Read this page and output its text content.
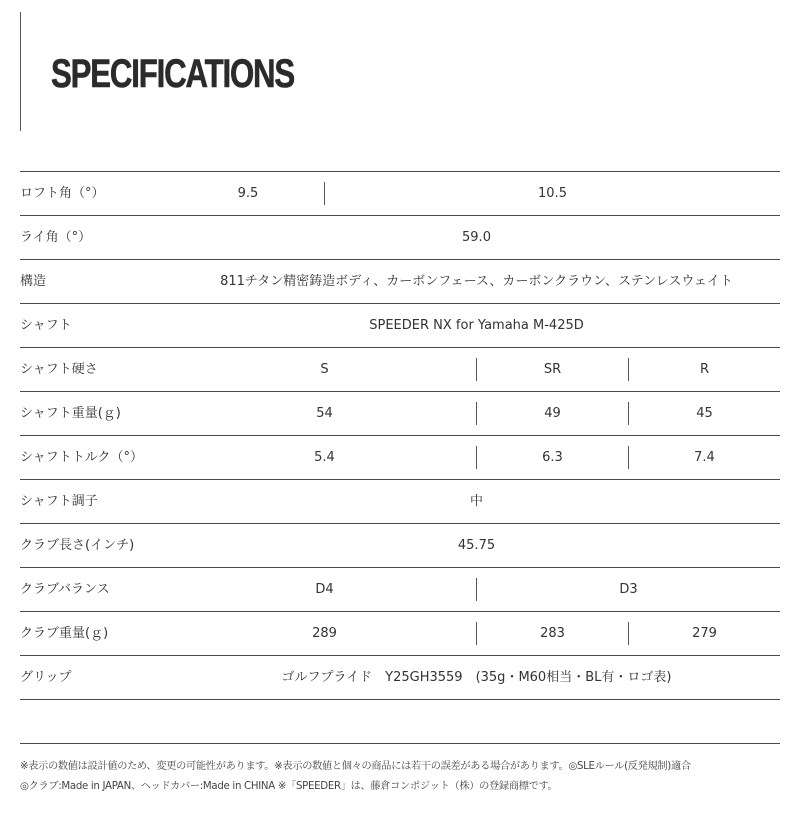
SPECIFICATIONS
ロフト角（°）	9.5	10.5
ライ角（°）	59.0
構造	811チタン精密鋳造ボディ、カーボンフェース、カーボンクラウン、ステンレスウェイト
シャフト	SPEEDER NX for Yamaha M-425D
シャフト硬さ	S	SR	R
シャフト重量(ｇ)	54	49	45
シャフトトルク（°）	5.4	6.3	7.4
シャフト調子	中
クラブ長さ(インチ)	45.75
クラブバランス	D4	D3
クラブ重量(ｇ)	289	283	279
グリップ	ゴルフプライド　Y25GH3559　(35g・M60相当・BL有・ロゴ表)

※表示の数値は設計値のため、変更の可能性があります。※表示の数値と個々の商品には若干の誤差がある場合があります。◎SLEルール(反発規制)適合

◎クラブ:Made in JAPAN、ヘッドカバー:Made in CHINA ※「SPEEDER」は、藤倉コンポジット（株）の登録商標です。
